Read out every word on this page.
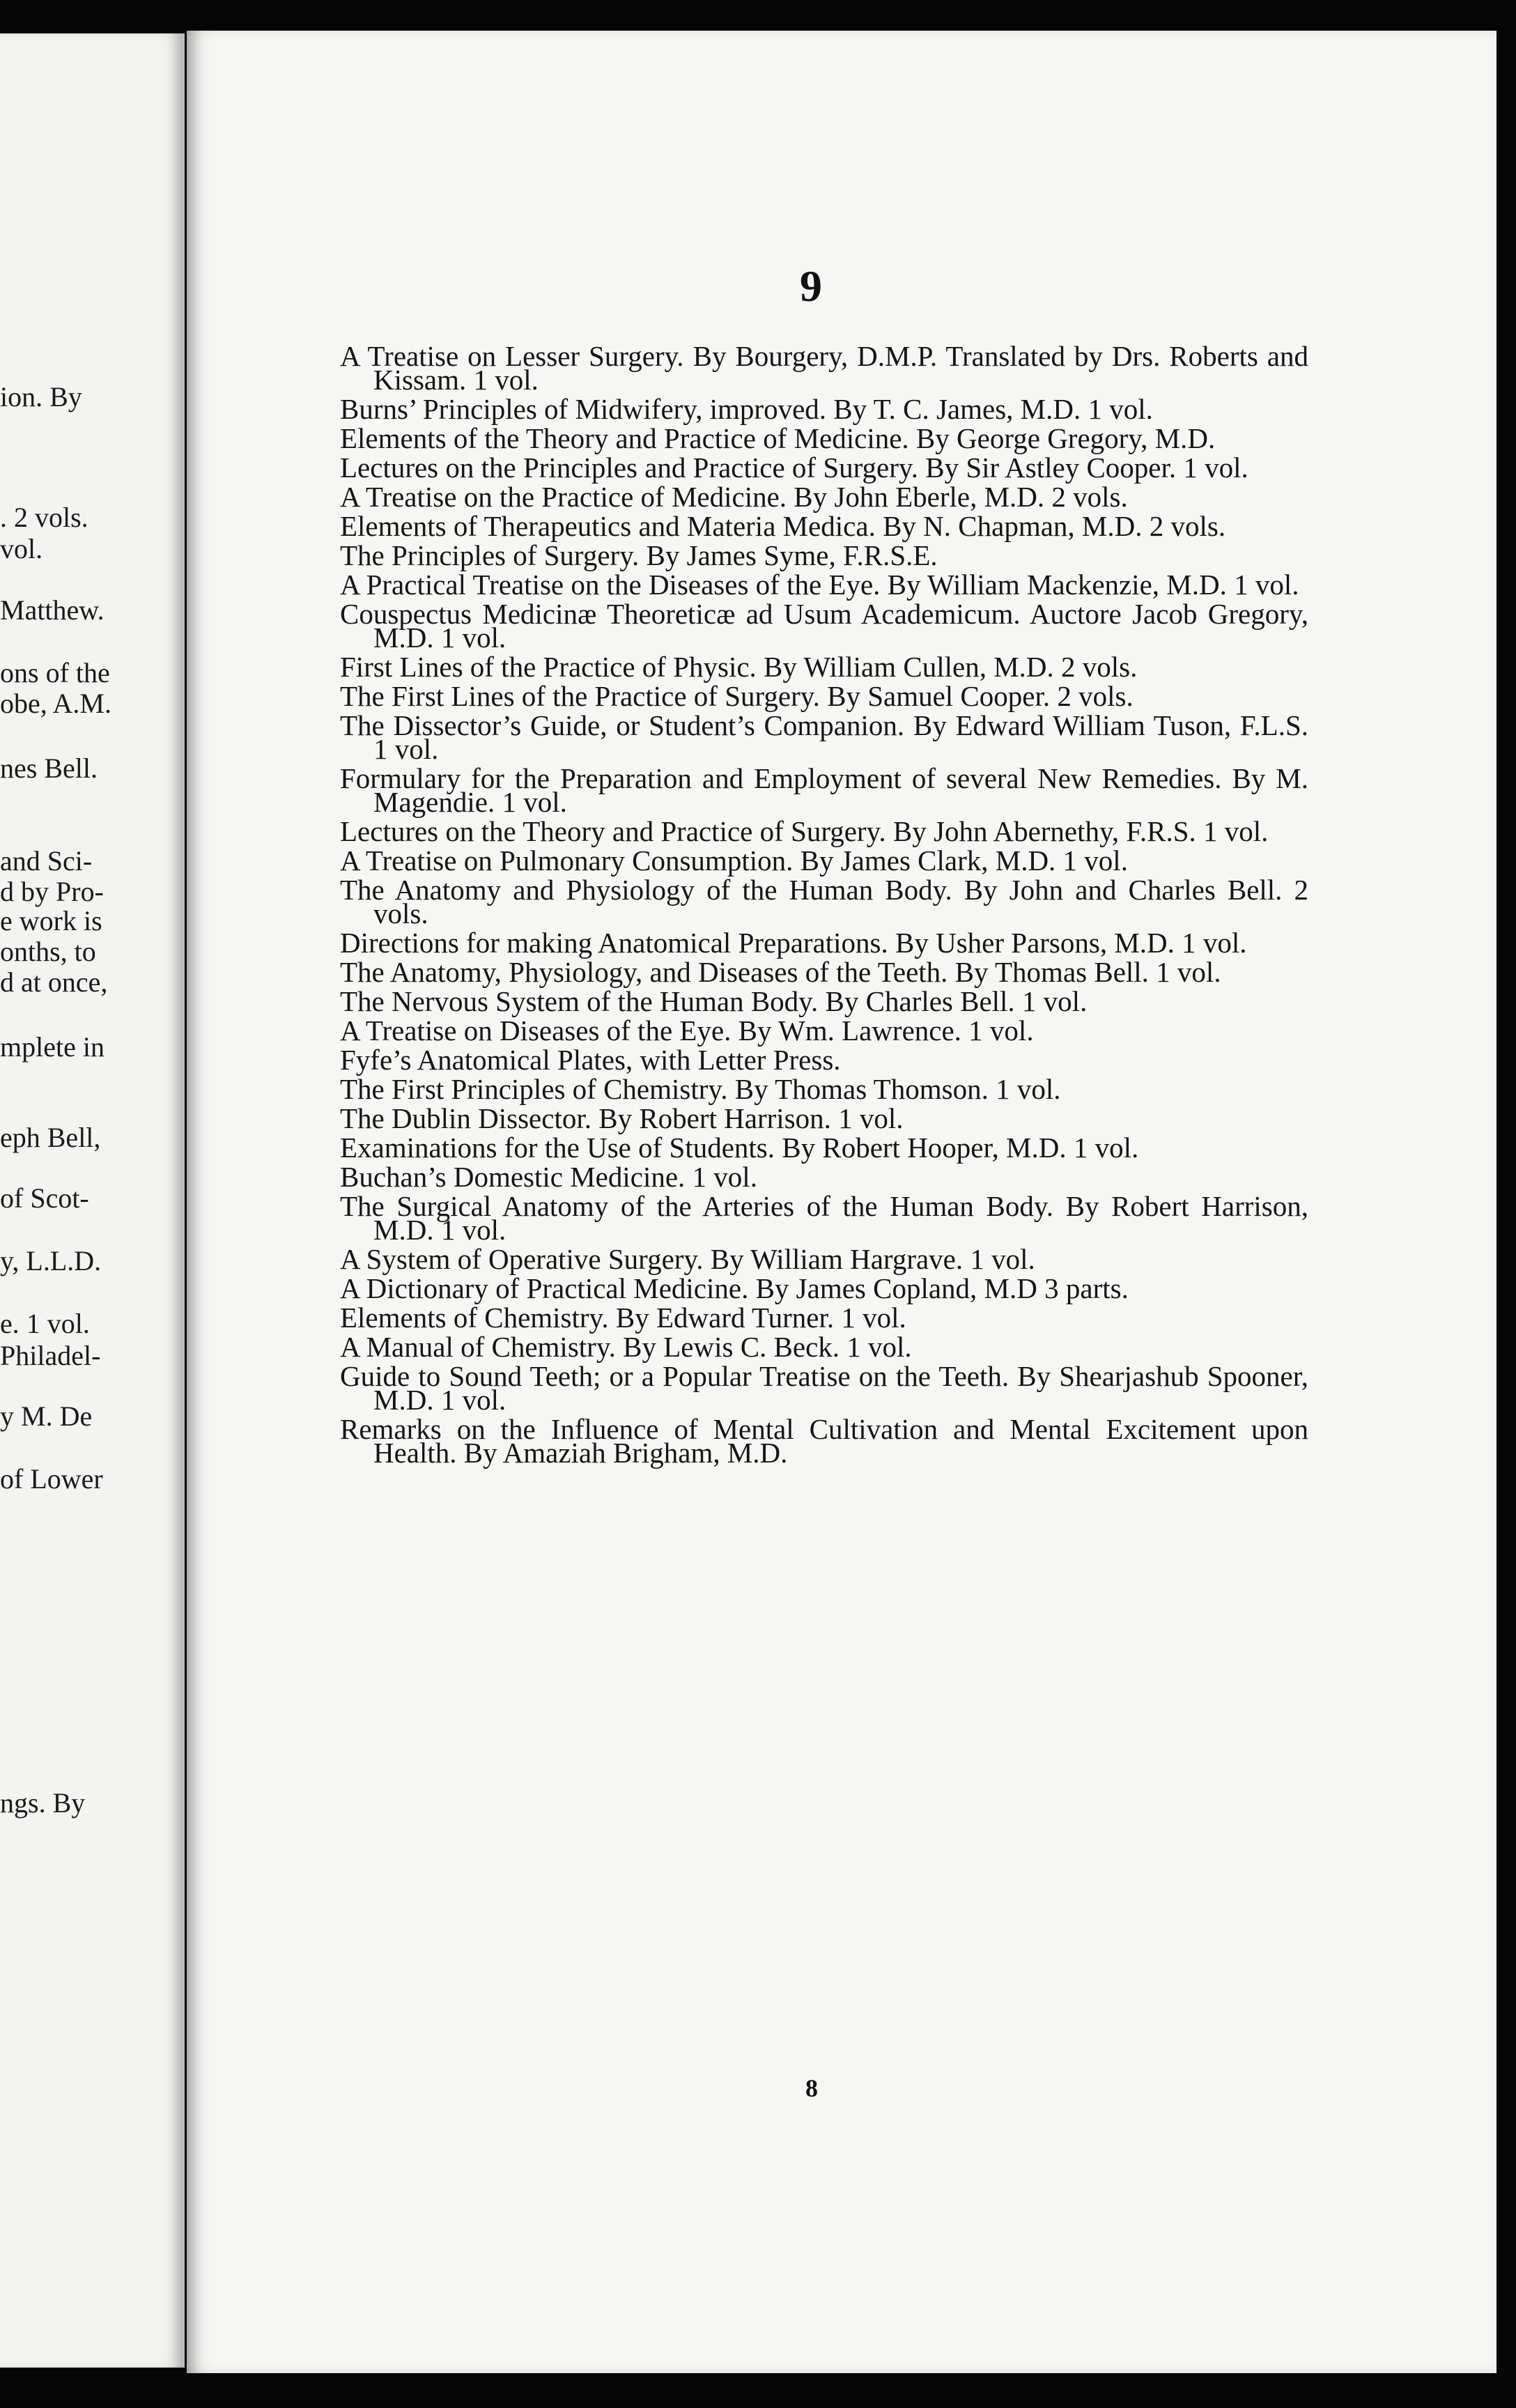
ion. By
. 2 vols.
vol.
Matthew.
ons of the
obe, A.M.
nes Bell.
and Sci-
d by Pro-
e work is
onths, to
d at once,
mplete in
eph Bell,
of Scot-
y, L.L.D.
e. 1 vol.
Philadel-
y M. De
of Lower
ngs. By
9

A Treatise on Lesser Surgery. By Bourgery, D.M.P. Translated by Drs. Roberts and Kissam. 1 vol.

Burns’ Principles of Midwifery, improved. By T. C. James, M.D. 1 vol.

Elements of the Theory and Practice of Medicine. By George Gregory, M.D.

Lectures on the Principles and Practice of Surgery. By Sir Astley Cooper. 1 vol.

A Treatise on the Practice of Medicine. By John Eberle, M.D. 2 vols.

Elements of Therapeutics and Materia Medica. By N. Chapman, M.D. 2 vols.

The Principles of Surgery. By James Syme, F.R.S.E.

A Practical Treatise on the Diseases of the Eye. By William Mackenzie, M.D. 1 vol.

Couspectus Medicinæ Theoreticæ ad Usum Academicum. Auctore Jacob Gregory, M.D. 1 vol.

First Lines of the Practice of Physic. By William Cullen, M.D. 2 vols.

The First Lines of the Practice of Surgery. By Samuel Cooper. 2 vols.

The Dissector’s Guide, or Student’s Companion. By Edward William Tuson, F.L.S. 1 vol.

Formulary for the Preparation and Employment of several New Remedies. By M. Magendie. 1 vol.

Lectures on the Theory and Practice of Surgery. By John Abernethy, F.R.S. 1 vol.

A Treatise on Pulmonary Consumption. By James Clark, M.D. 1 vol.

The Anatomy and Physiology of the Human Body. By John and Charles Bell. 2 vols.

Directions for making Anatomical Preparations. By Usher Parsons, M.D. 1 vol.

The Anatomy, Physiology, and Diseases of the Teeth. By Thomas Bell. 1 vol.

The Nervous System of the Human Body. By Charles Bell. 1 vol.

A Treatise on Diseases of the Eye. By Wm. Lawrence. 1 vol.

Fyfe’s Anatomical Plates, with Letter Press.

The First Principles of Chemistry. By Thomas Thomson. 1 vol.

The Dublin Dissector. By Robert Harrison. 1 vol.

Examinations for the Use of Students. By Robert Hooper, M.D. 1 vol.

Buchan’s Domestic Medicine. 1 vol.

The Surgical Anatomy of the Arteries of the Human Body. By Robert Harrison, M.D. 1 vol.

A System of Operative Surgery. By William Hargrave. 1 vol.

A Dictionary of Practical Medicine. By James Copland, M.D 3 parts.

Elements of Chemistry. By Edward Turner. 1 vol.

A Manual of Chemistry. By Lewis C. Beck. 1 vol.

Guide to Sound Teeth; or a Popular Treatise on the Teeth. By Shearjashub Spooner, M.D. 1 vol.

Remarks on the Influence of Mental Cultivation and Mental Excitement upon Health. By Amaziah Brigham, M.D.

8
